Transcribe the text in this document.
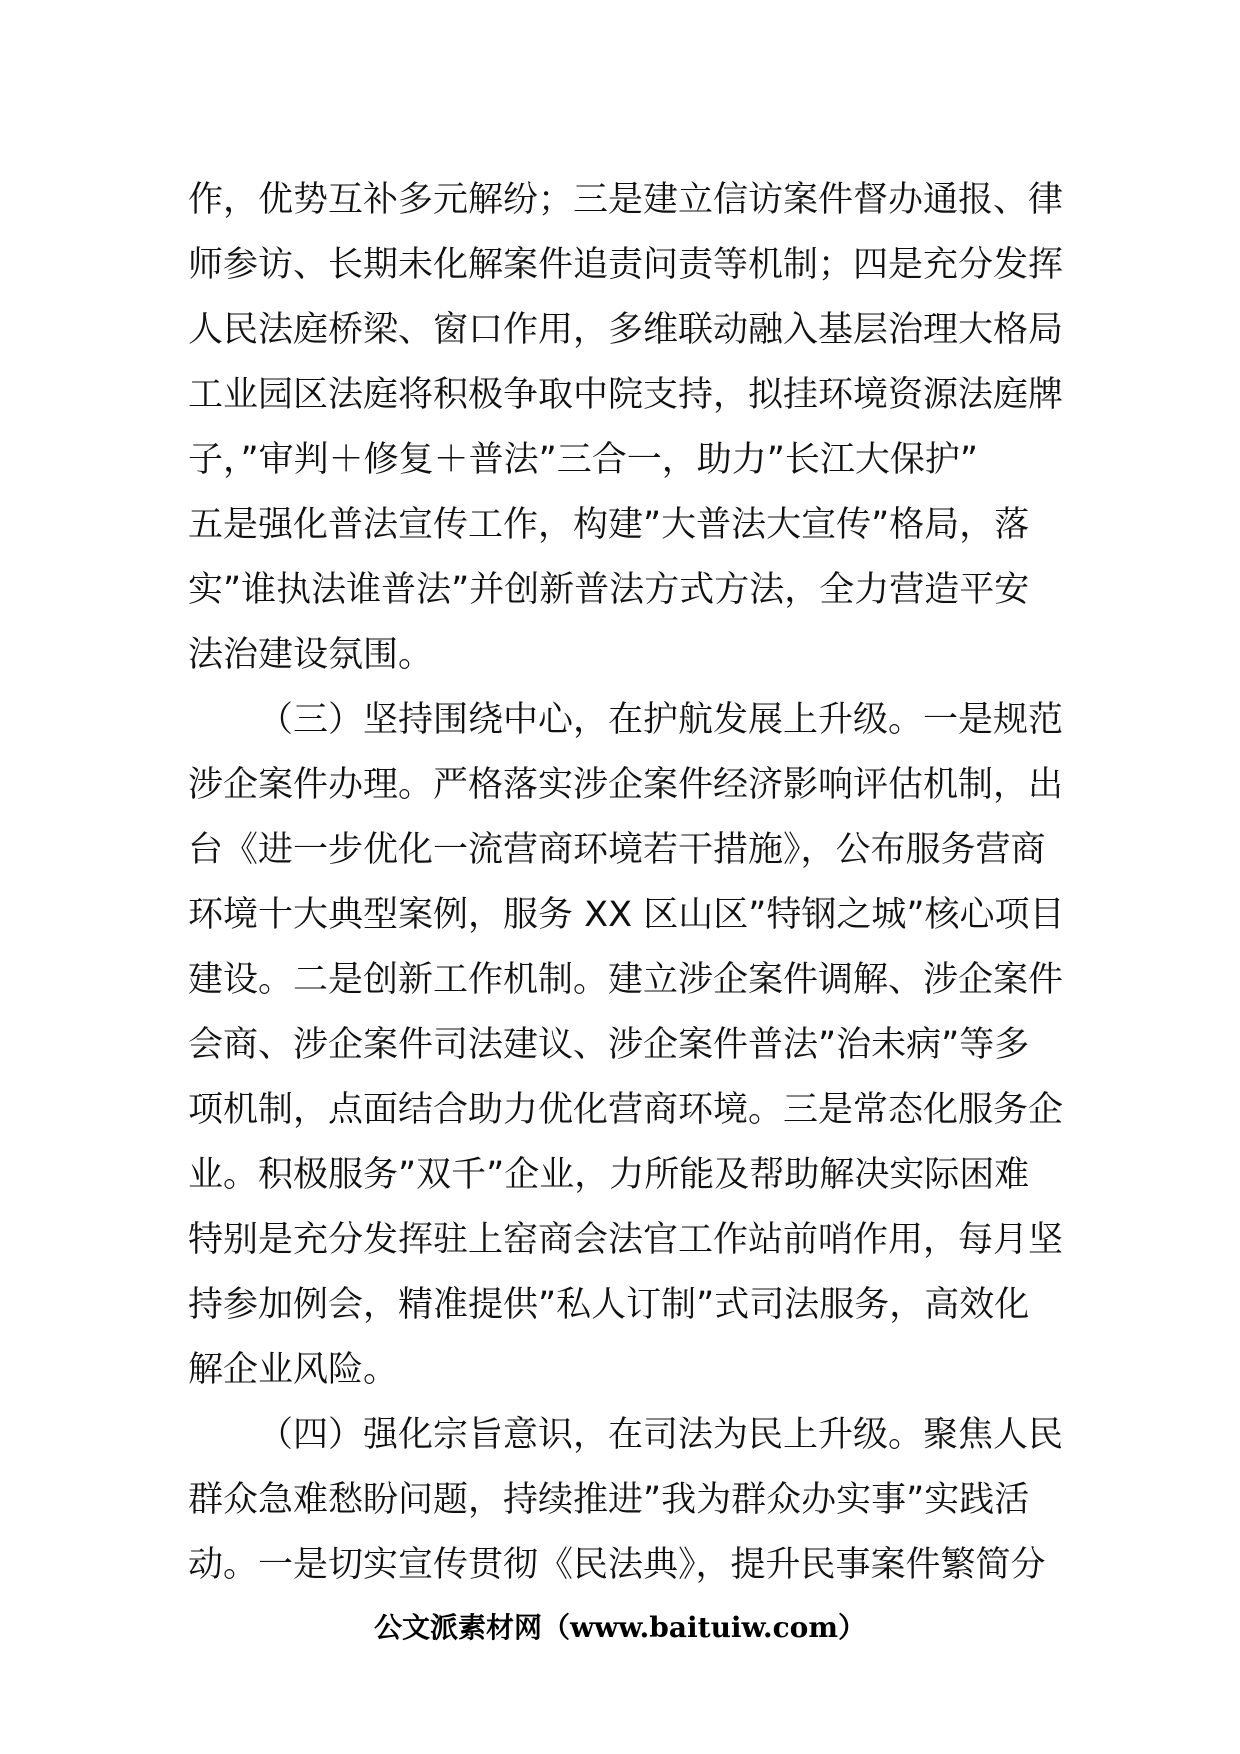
作，优势互补多元解纷；三是建立信访案件督办通报、律
师参访、长期未化解案件追责问责等机制；四是充分发挥
人民法庭桥梁、窗口作用，多维联动融入基层治理大格局
工业园区法庭将积极争取中院支持，拟挂环境资源法庭牌
子，”审判＋修复＋普法”三合一，助力”长江大保护”
五是强化普法宣传工作，构建”大普法大宣传”格局，落
实”谁执法谁普法”并创新普法方式方法，全力营造平安
法治建设氛围。
（三）坚持围绕中心，在护航发展上升级。一是规范
涉企案件办理。严格落实涉企案件经济影响评估机制，出
台《进一步优化一流营商环境若干措施》，公布服务营商
环境十大典型案例，服务 XX 区山区”特钢之城”核心项目
建设。二是创新工作机制。建立涉企案件调解、涉企案件
会商、涉企案件司法建议、涉企案件普法”治未病”等多
项机制，点面结合助力优化营商环境。三是常态化服务企
业。积极服务”双千”企业，力所能及帮助解决实际困难
特别是充分发挥驻上窑商会法官工作站前哨作用，每月坚
持参加例会，精准提供”私人订制”式司法服务，高效化
解企业风险。
（四）强化宗旨意识，在司法为民上升级。聚焦人民
群众急难愁盼问题，持续推进”我为群众办实事”实践活
动。一是切实宣传贯彻《民法典》，提升民事案件繁简分
公文派素材网（www.baituiw.com）
